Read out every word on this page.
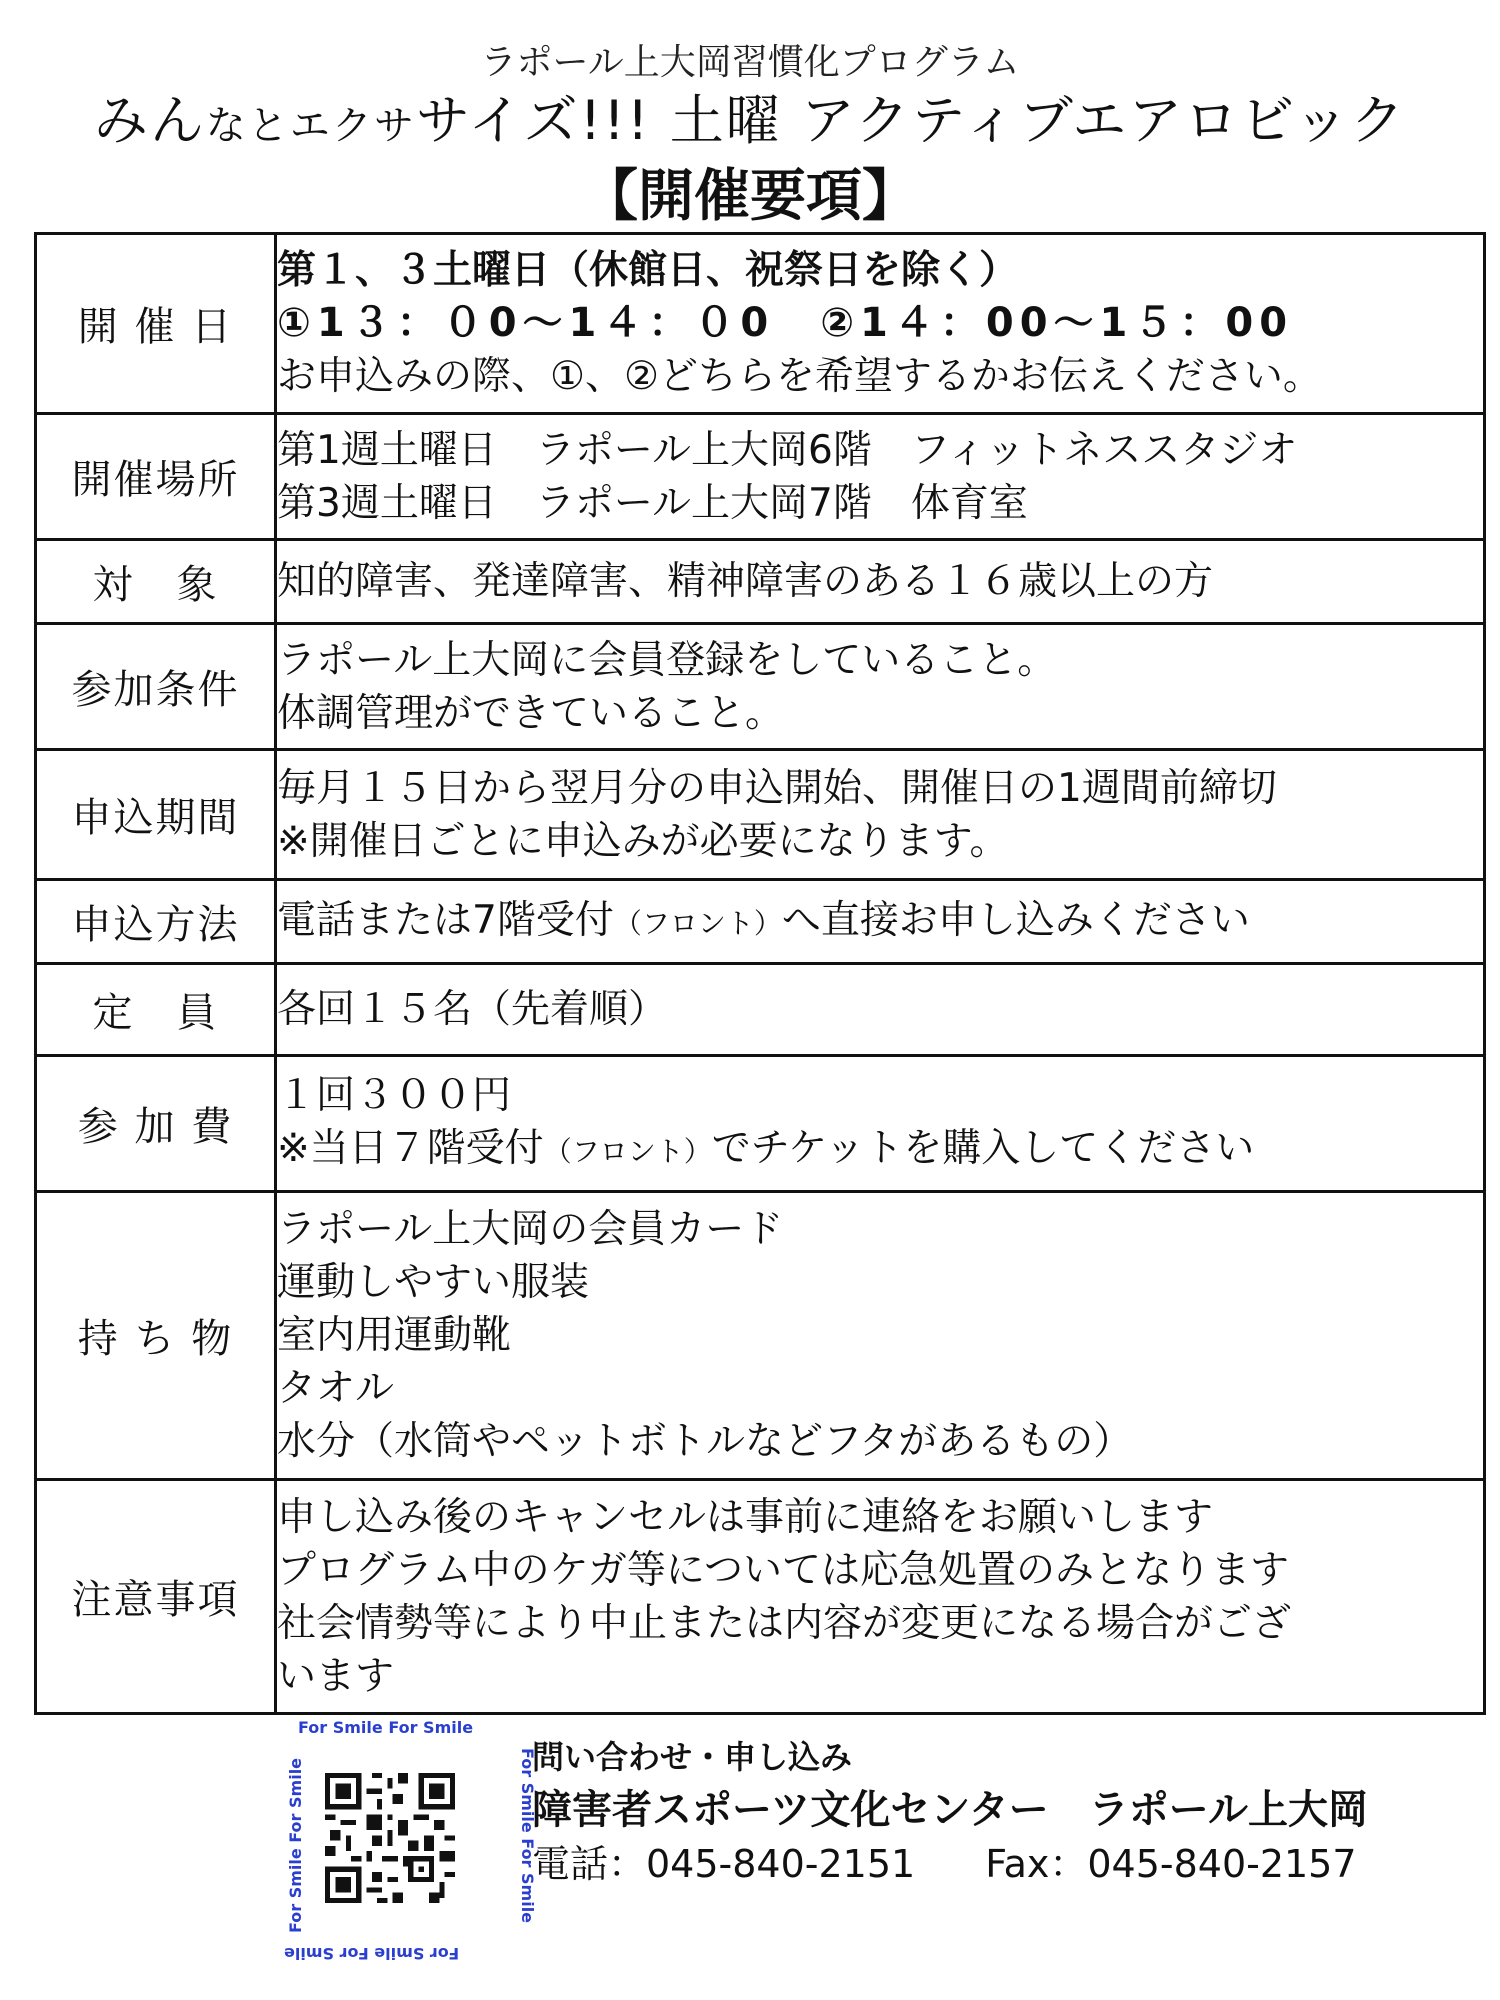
ラポール上大岡習慣化プログラム
みんなとエクササイズ!!! 土曜 アクティブエアロビック
【開催要項】
開 催 日	第１、３土曜日（休館日、祝祭日を除く）
①1３：０0～1４：０0　②1４：00～1５：00
お申込みの際、①、②どちらを希望するかお伝えください。

開催場所	第1週土曜日　ラポール上大岡6階　フィットネススタジオ
第3週土曜日　ラポール上大岡7階　体育室

対　象	知的障害、発達障害、精神障害のある１６歳以上の方

参加条件	ラポール上大岡に会員登録をしていること。
体調管理ができていること。

申込期間	毎月１５日から翌月分の申込開始、開催日の1週間前締切
※開催日ごとに申込みが必要になります。

申込方法	電話または7階受付（フロント）へ直接お申し込みください

定　員	各回１５名（先着順）

参 加 費	１回３００円
※当日７階受付（フロント）でチケットを購入してください

持 ち 物	ラポール上大岡の会員カード
運動しやすい服装
室内用運動靴
タオル
水分（水筒やペットボトルなどフタがあるもの）

注意事項	申し込み後のキャンセルは事前に連絡をお願いします
プログラム中のケガ等については応急処置のみとなります
社会情勢等により中止または内容が変更になる場合がござ
います
For Smile For Smile
For Smile For Smile
For Smile For Smile
For Smile For Smile
問い合わせ・申し込み
障害者スポーツ文化センター　ラポール上大岡
電話：045-840-2151 Fax：045-840-2157
